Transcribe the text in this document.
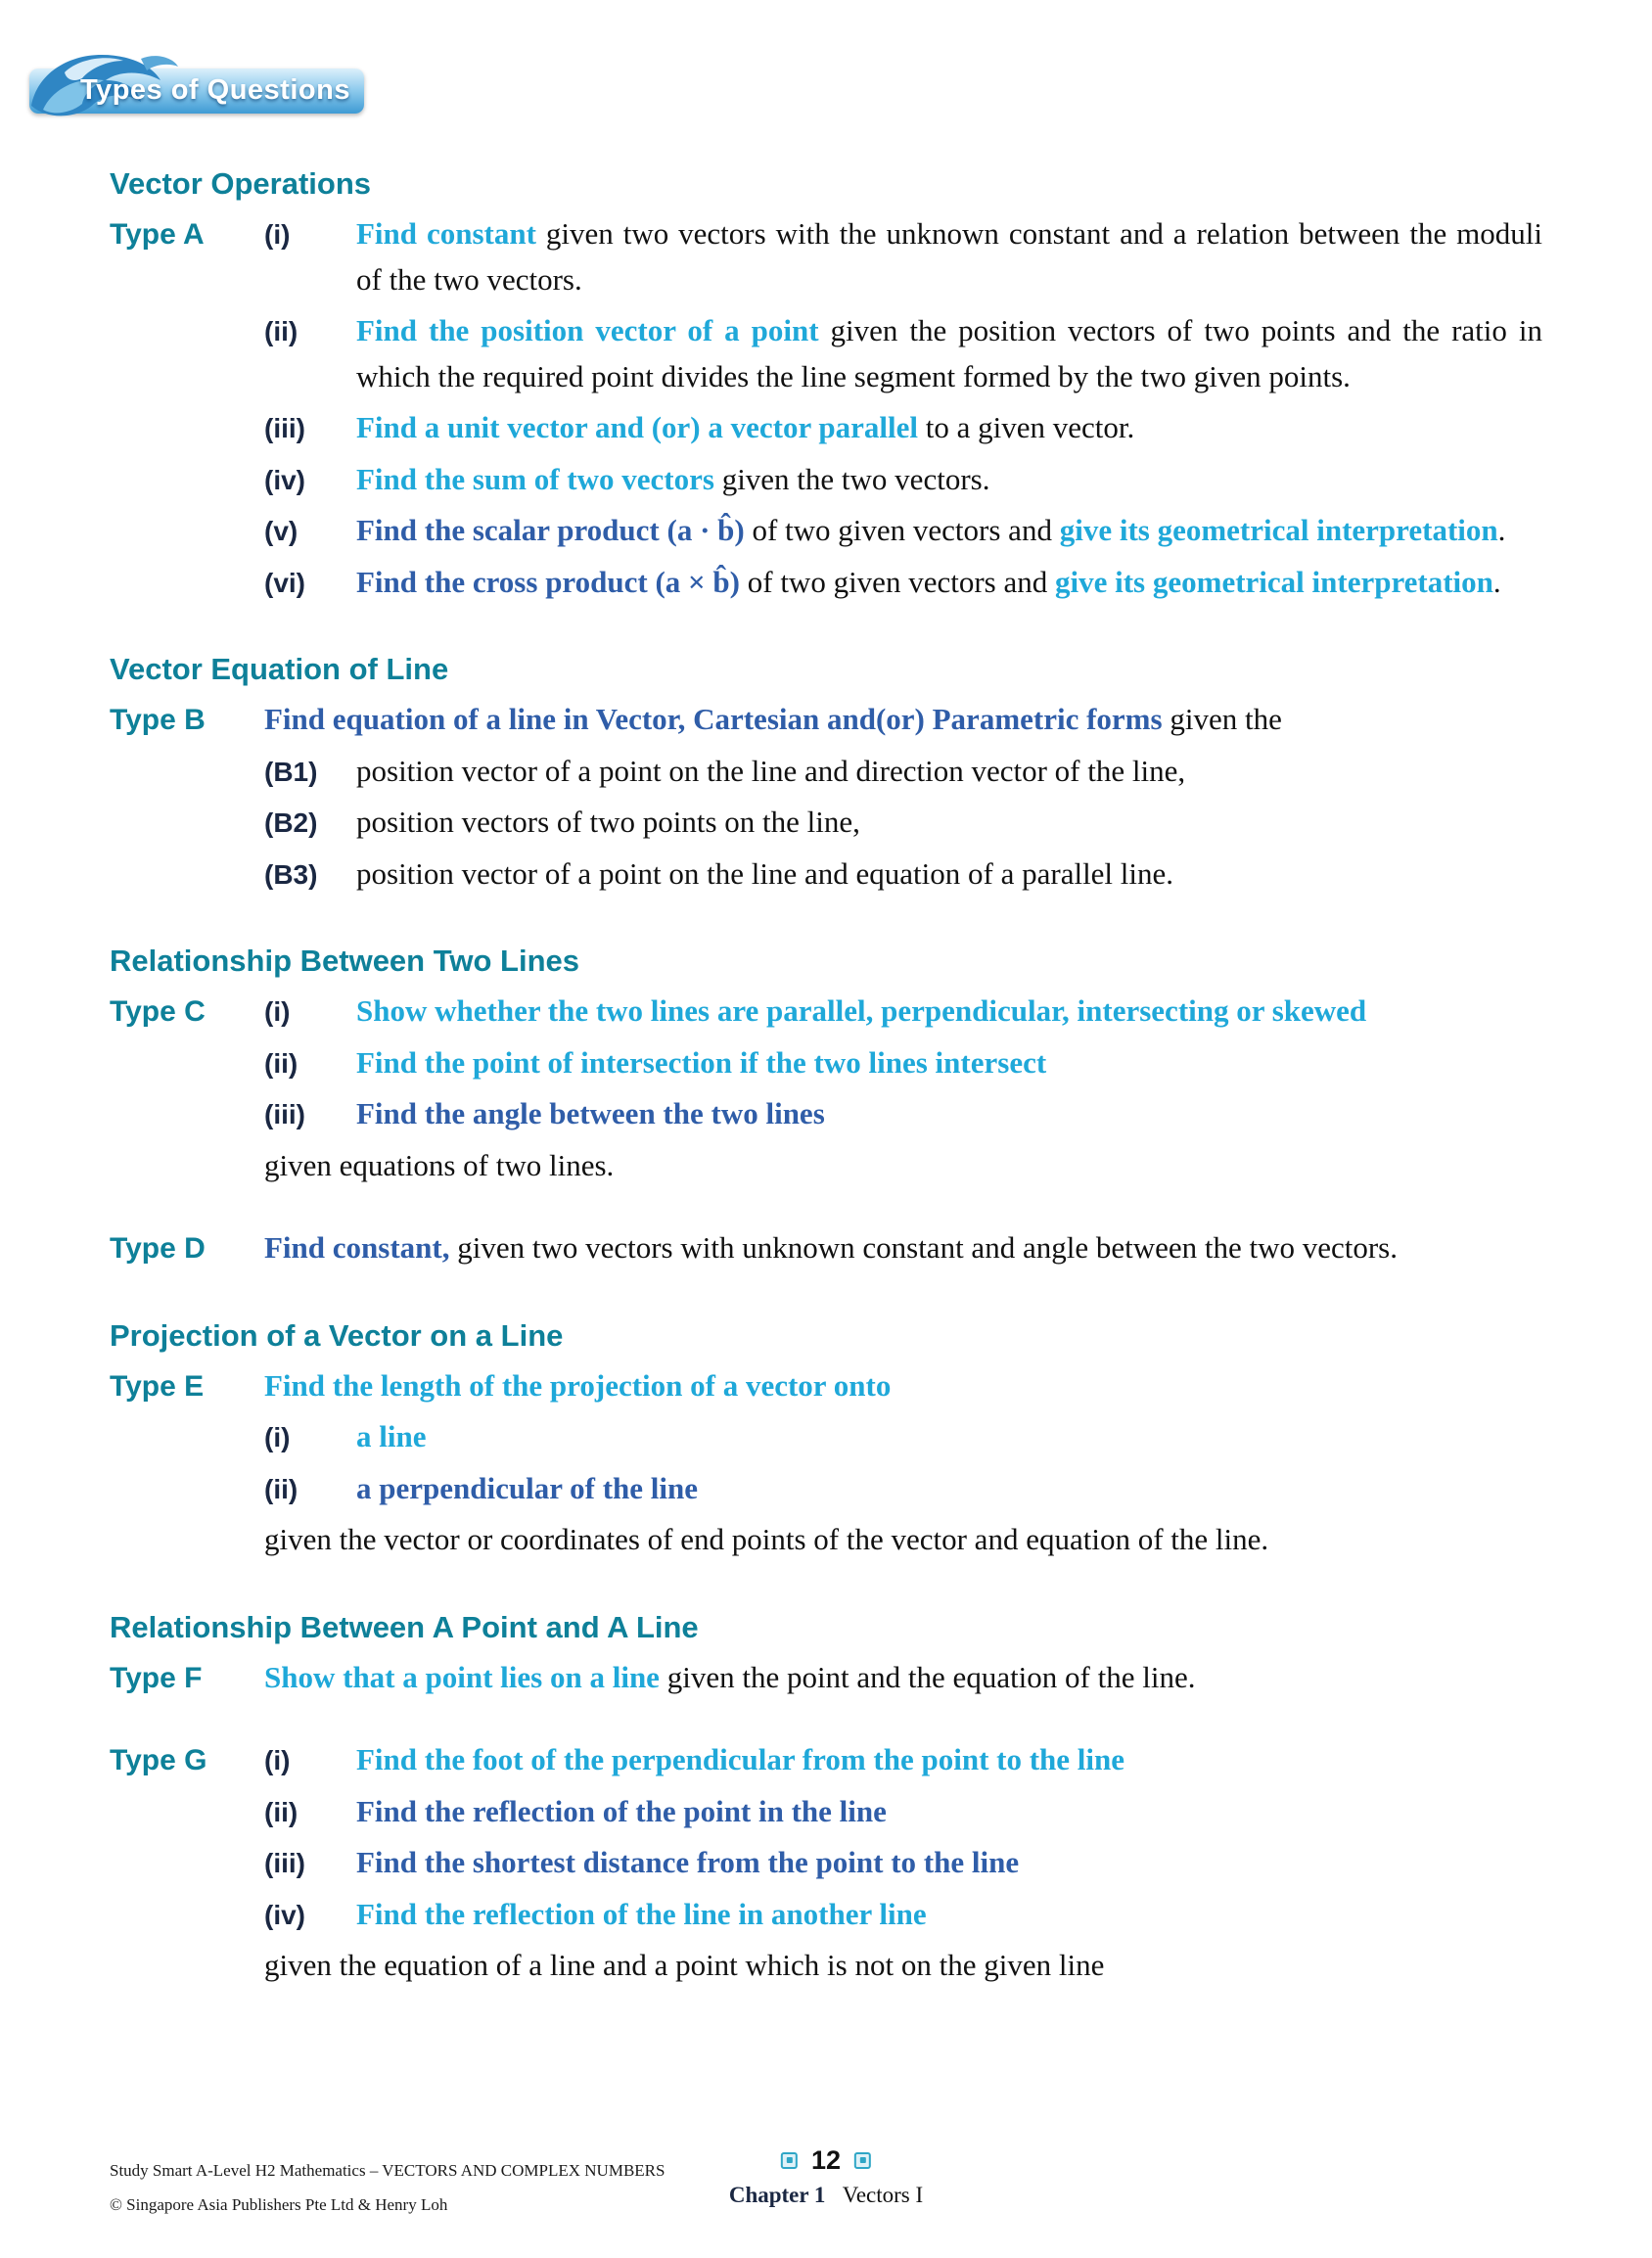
Types of Questions
Vector Operations
Type A	(i)	Find constant given two vectors with the unknown constant and a relation between the moduli of the two vectors.

(ii)	Find the position vector of a point given the position vectors of two points and the ratio in which the required point divides the line segment formed by the two given points.

(iii)	Find a unit vector and (or) a vector parallel to a given vector.

(iv)	Find the sum of two vectors given the two vectors.

(v)	Find the scalar product (a · b̂) of two given vectors and give its geometrical interpretation.

(vi)	Find the cross product (a × b̂) of two given vectors and give its geometrical interpretation.
Vector Equation of Line
Type B	Find equation of a line in Vector, Cartesian and(or) Parametric forms given the

(B1)	position vector of a point on the line and direction vector of the line,

(B2)	position vectors of two points on the line,

(B3)	position vector of a point on the line and equation of a parallel line.
Relationship Between Two Lines
Type C	(i)	Show whether the two lines are parallel, perpendicular, intersecting or skewed

(ii)	Find the point of intersection if the two lines intersect

(iii)	Find the angle between the two lines

given equations of two lines.
Type D	Find constant, given two vectors with unknown constant and angle between the two vectors.
Projection of a Vector on a Line
Type E	Find the length of the projection of a vector onto

(i)	a line

(ii)	a perpendicular of the line

given the vector or coordinates of end points of the vector and equation of the line.
Relationship Between A Point and A Line
Type F	Show that a point lies on a line given the point and the equation of the line.
Type G	(i)	Find the foot of the perpendicular from the point to the line

(ii)	Find the reflection of the point in the line

(iii)	Find the shortest distance from the point to the line

(iv)	Find the reflection of the line in another line

given the equation of a line and a point which is not on the given line
Study Smart A-Level H2 Mathematics – VECTORS AND COMPLEX NUMBERS
© Singapore Asia Publishers Pte Ltd & Henry Loh
12
Chapter 1 Vectors I
